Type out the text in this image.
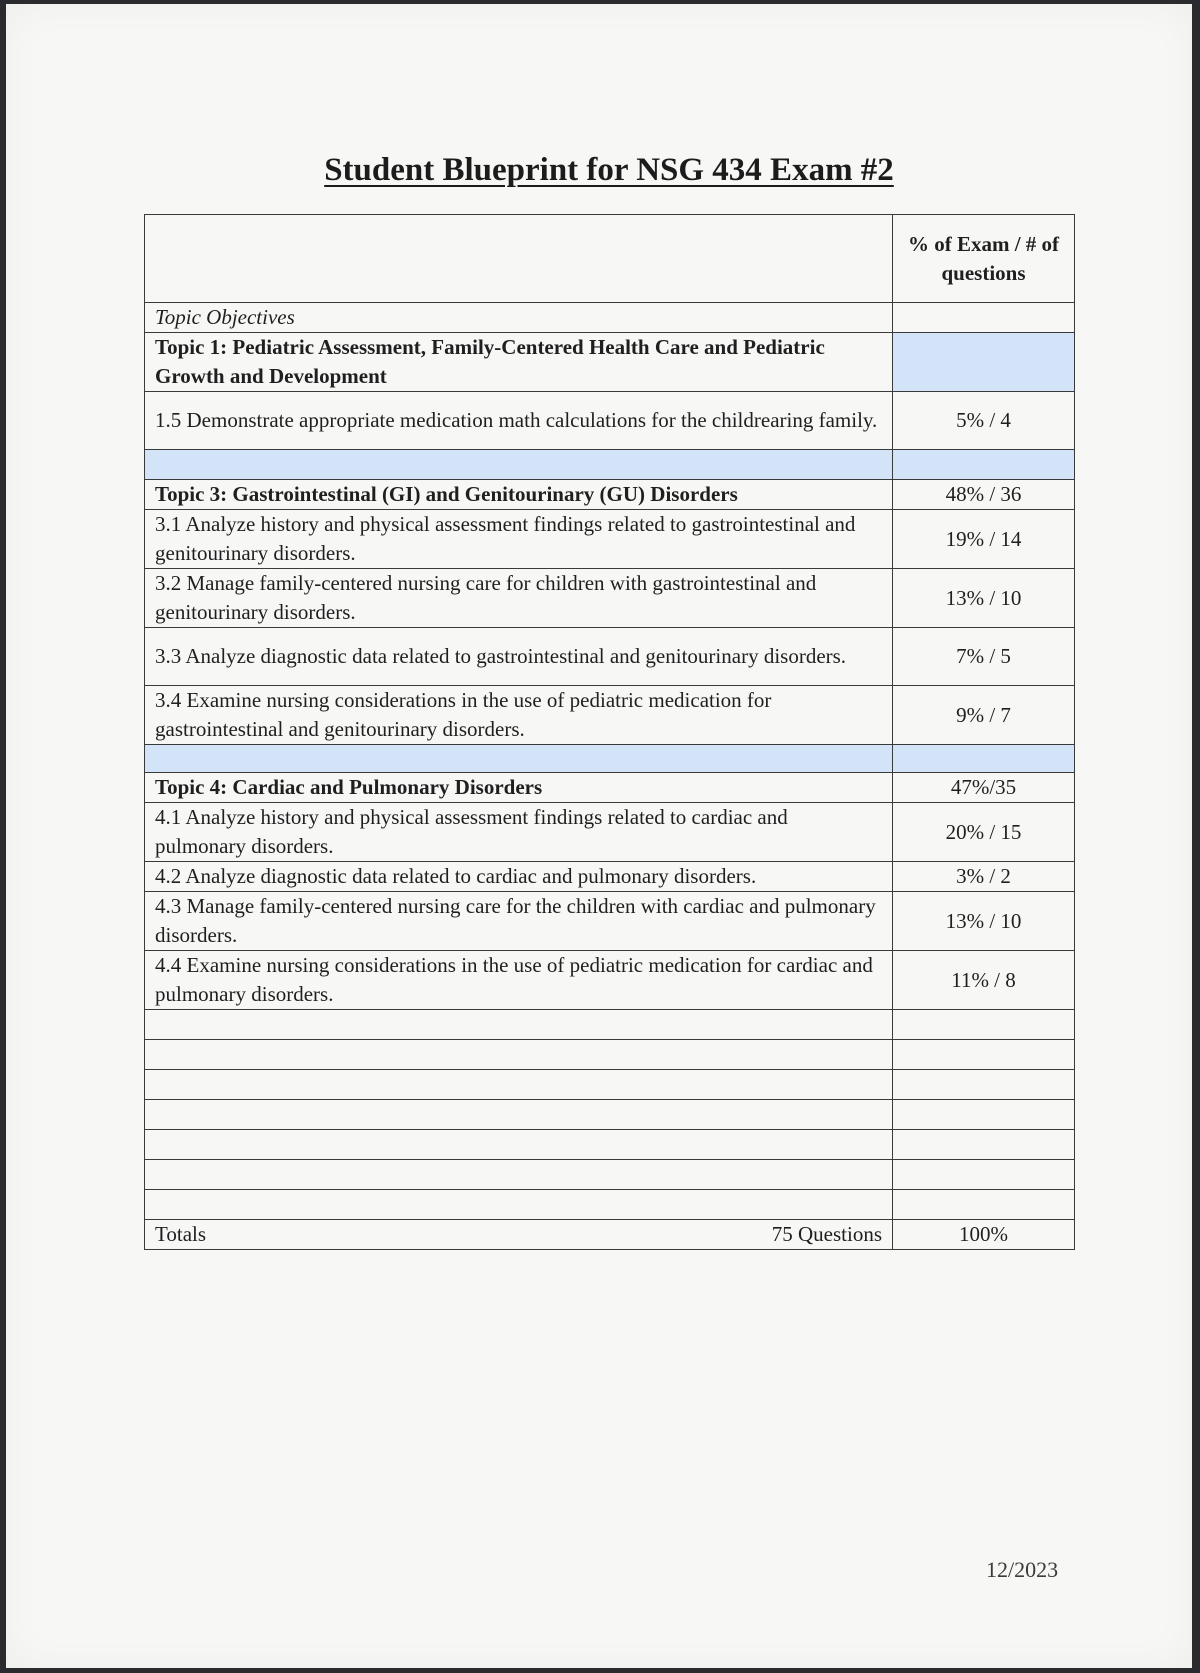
Student Blueprint for NSG 434 Exam #2
	% of Exam / # of questions
Topic Objectives	
Topic 1: Pediatric Assessment, Family-Centered Health Care and Pediatric Growth and Development	
1.5 Demonstrate appropriate medication math calculations for the childrearing family.	5% / 4

Topic 3: Gastrointestinal (GI) and Genitourinary (GU) Disorders	48% / 36
3.1 Analyze history and physical assessment findings related to gastrointestinal and genitourinary disorders.	19% / 14
3.2 Manage family-centered nursing care for children with gastrointestinal and genitourinary disorders.	13% / 10
3.3 Analyze diagnostic data related to gastrointestinal and genitourinary disorders.	7% / 5
3.4 Examine nursing considerations in the use of pediatric medication for gastrointestinal and genitourinary disorders.	9% / 7

Topic 4: Cardiac and Pulmonary Disorders	47%/35
4.1 Analyze history and physical assessment findings related to cardiac and pulmonary disorders.	20% / 15
4.2 Analyze diagnostic data related to cardiac and pulmonary disorders.	3% / 2
4.3 Manage family-centered nursing care for the children with cardiac and pulmonary disorders.	13% / 10
4.4 Examine nursing considerations in the use of pediatric medication for cardiac and pulmonary disorders.	11% / 8

Totals 75 Questions	100%
12/2023
